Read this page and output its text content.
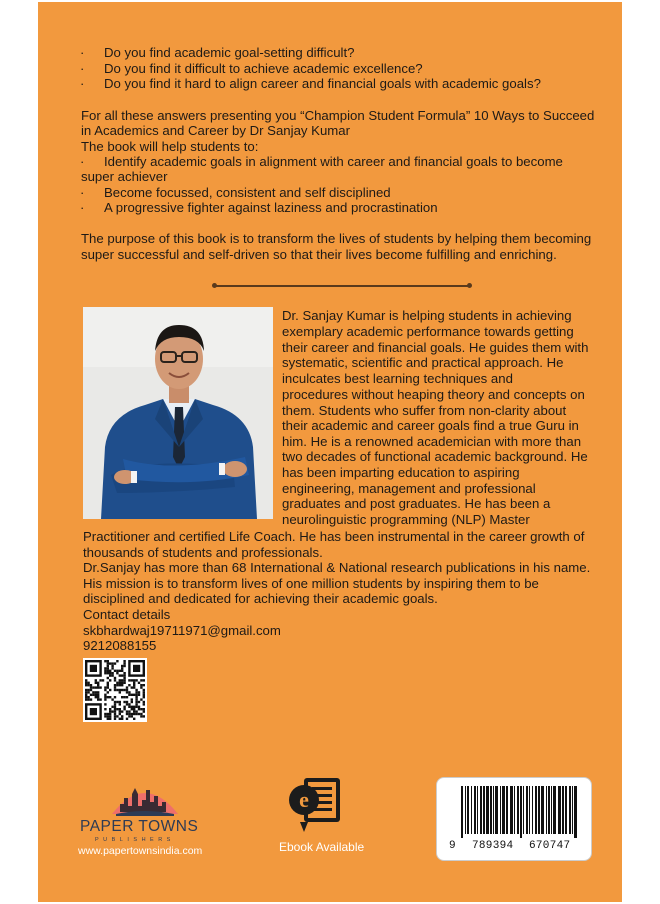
· Do you find academic goal-setting difficult?
· Do you find it difficult to achieve academic excellence?
· Do you find it hard to align career and financial goals with academic goals?
For all these answers presenting you “Champion Student Formula” 10 Ways to Succeed
in Academics and Career by Dr Sanjay Kumar
The book will help students to:
· Identify academic goals in alignment with career and financial goals to become
super achiever
· Become focussed, consistent and self disciplined
· A progressive fighter against laziness and procrastination
The purpose of this book is to transform the lives of students by helping them becoming
super successful and self-driven so that their lives become fulfilling and enriching.
Dr. Sanjay Kumar is helping students in achieving
exemplary academic performance towards getting
their career and financial goals. He guides them with
systematic, scientific and practical approach. He
inculcates best learning techniques and
procedures without heaping theory and concepts on
them. Students who suffer from non-clarity about
their academic and career goals find a true Guru in
him. He is a renowned academician with more than
two decades of functional academic background. He
has been imparting education to aspiring
engineering, management and professional
graduates and post graduates. He has been a
neurolinguistic programming (NLP) Master
Practitioner and certified Life Coach. He has been instrumental in the career growth of
thousands of students and professionals.
Dr.Sanjay has more than 68 International & National research publications in his name.
His mission is to transform lives of one million students by inspiring them to be
disciplined and dedicated for achieving their academic goals.
Contact details
skbhardwaj19711971@gmail.com
9212088155
PAPER TOWNS
PUBLISHERS
www.papertownsindia.com
e
Ebook Available	9 789394 670747
